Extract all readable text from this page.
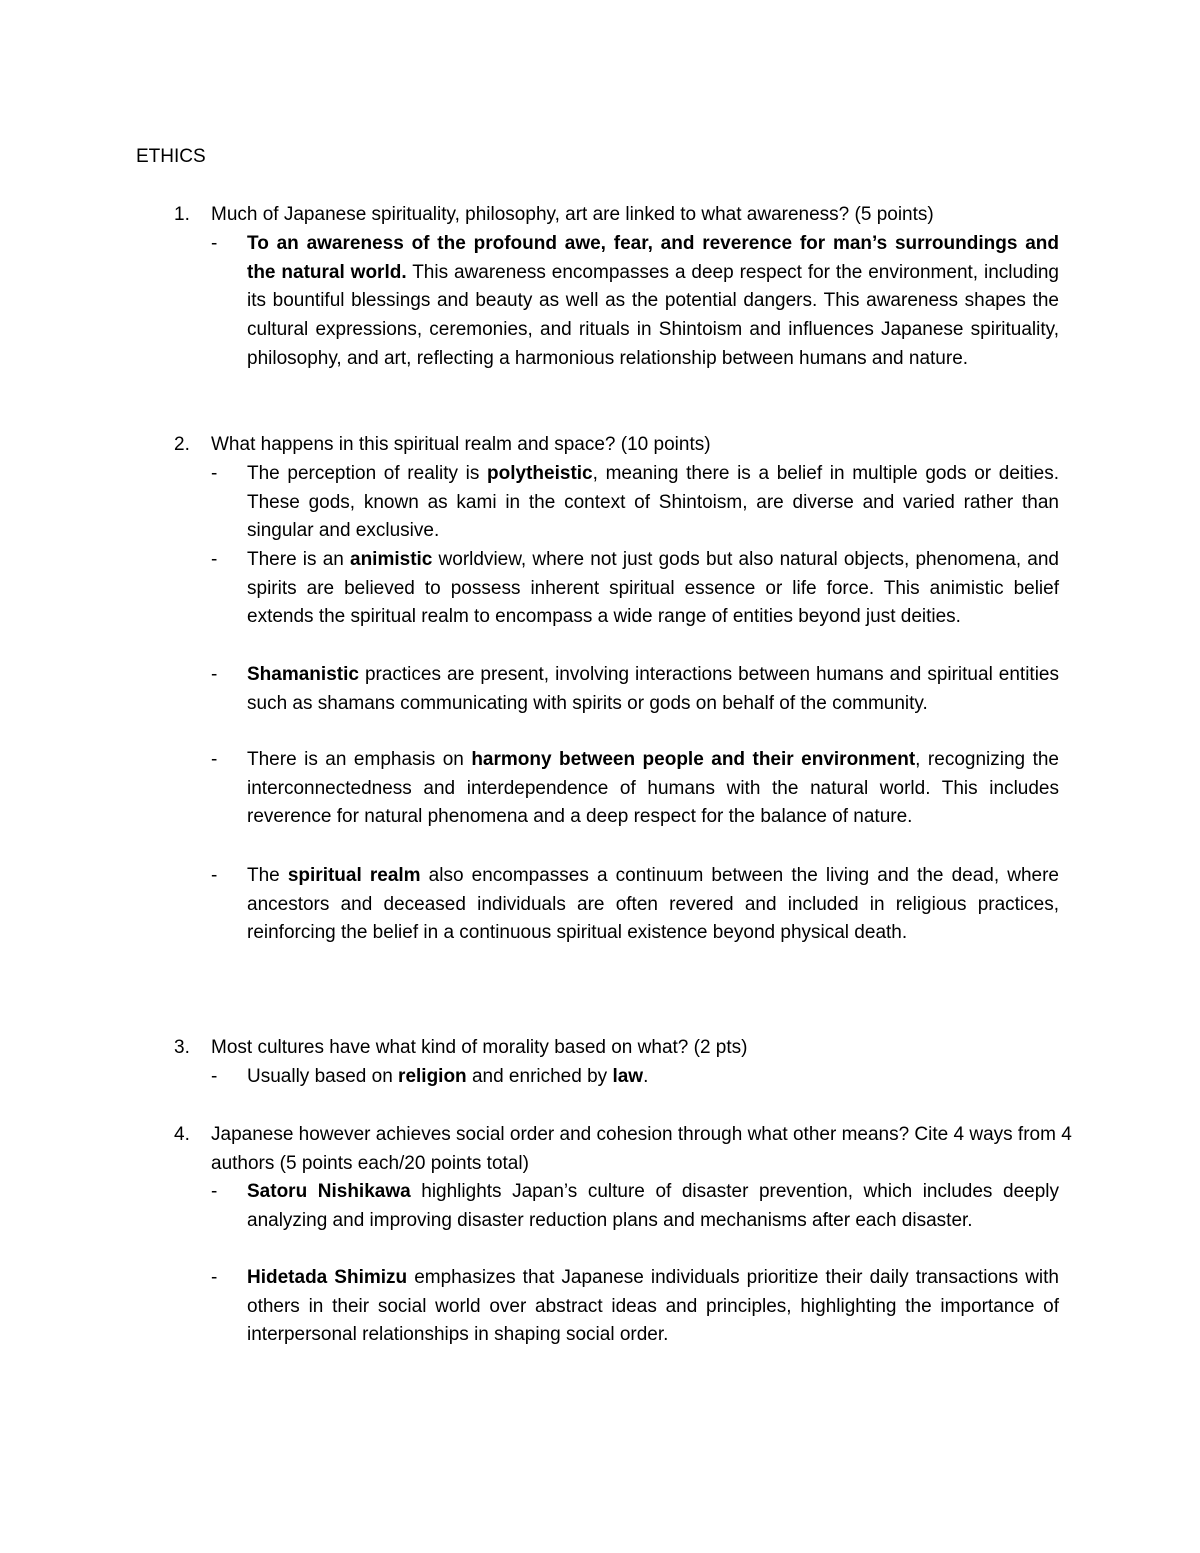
ETHICS
1. Much of Japanese spirituality, philosophy, art are linked to what awareness? (5 points)
- To an awareness of the profound awe, fear, and reverence for man’s surroundings and the natural world. This awareness encompasses a deep respect for the environment, including its bountiful blessings and beauty as well as the potential dangers. This awareness shapes the cultural expressions, ceremonies, and rituals in Shintoism and influences Japanese spirituality, philosophy, and art, reflecting a harmonious relationship between humans and nature.

2. What happens in this spiritual realm and space? (10 points)
- The perception of reality is polytheistic, meaning there is a belief in multiple gods or deities. These gods, known as kami in the context of Shintoism, are diverse and varied rather than singular and exclusive.

- There is an animistic worldview, where not just gods but also natural objects, phenomena, and spirits are believed to possess inherent spiritual essence or life force. This animistic belief extends the spiritual realm to encompass a wide range of entities beyond just deities.

- Shamanistic practices are present, involving interactions between humans and spiritual entities such as shamans communicating with spirits or gods on behalf of the community.

- There is an emphasis on harmony between people and their environment, recognizing the interconnectedness and interdependence of humans with the natural world. This includes reverence for natural phenomena and a deep respect for the balance of nature.

- The spiritual realm also encompasses a continuum between the living and the dead, where ancestors and deceased individuals are often revered and included in religious practices, reinforcing the belief in a continuous spiritual existence beyond physical death.

3. Most cultures have what kind of morality based on what? (2 pts)
- Usually based on religion and enriched by law.

4. Japanese however achieves social order and cohesion through what other means? Cite 4 ways from 4 authors (5 points each/20 points total)
- Satoru Nishikawa highlights Japan’s culture of disaster prevention, which includes deeply analyzing and improving disaster reduction plans and mechanisms after each disaster.

- Hidetada Shimizu emphasizes that Japanese individuals prioritize their daily transactions with others in their social world over abstract ideas and principles, highlighting the importance of interpersonal relationships in shaping social order.
